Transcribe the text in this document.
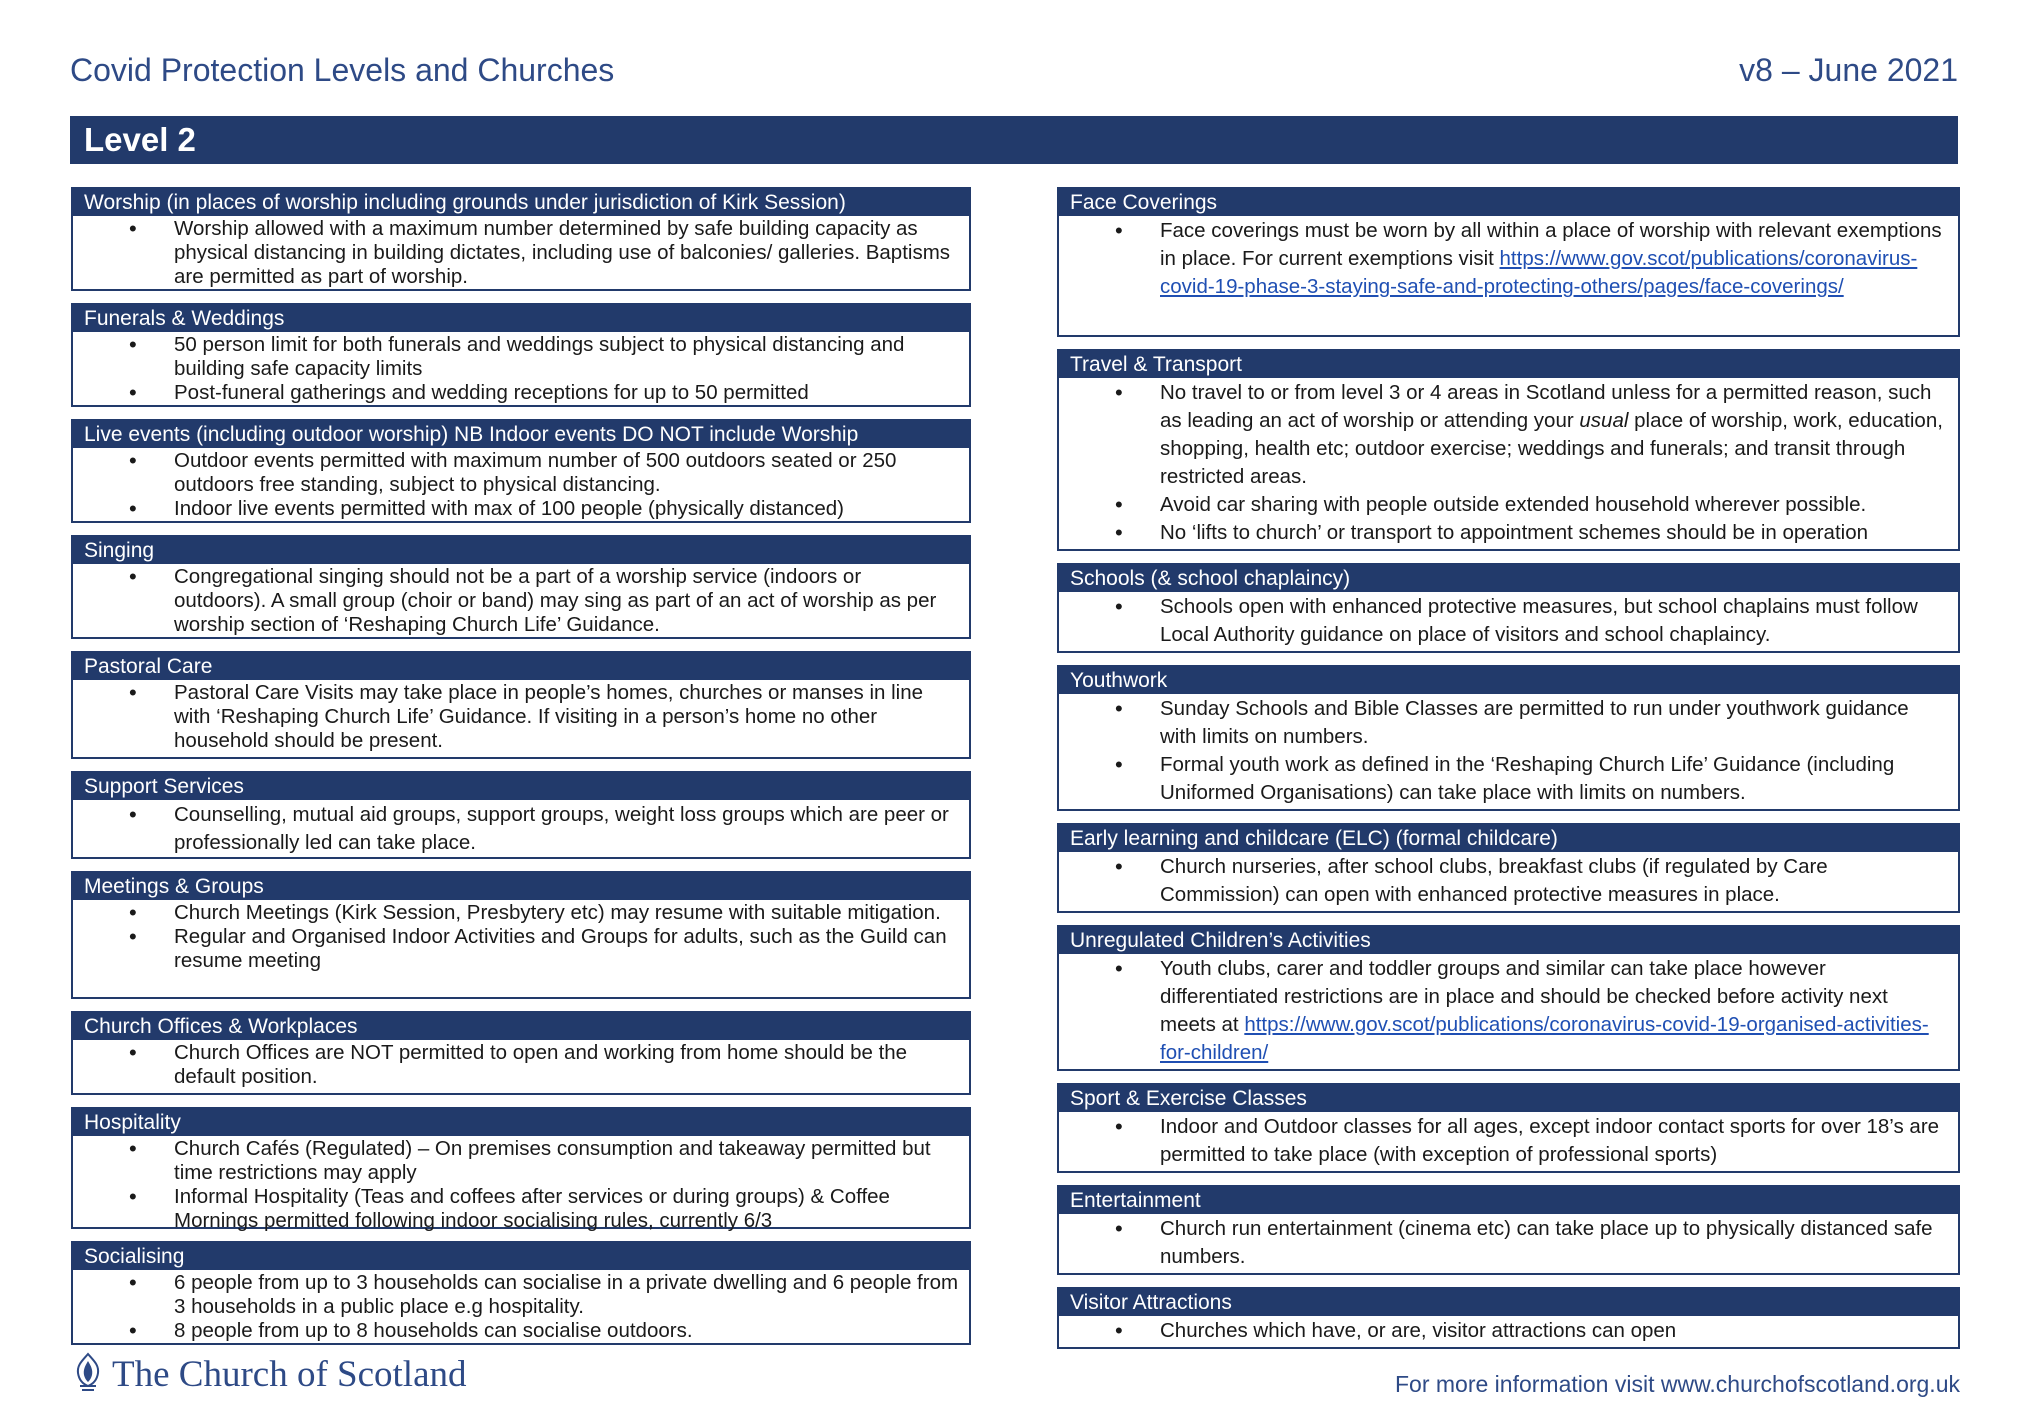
Covid Protection Levels and Churches	v8 – June 2021
Level 2
Worship (in places of worship including grounds under jurisdiction of Kirk Session)
• Worship allowed with a maximum number determined by safe building capacity as physical distancing in building dictates, including use of balconies/ galleries. Baptisms are permitted as part of worship.
Funerals & Weddings
• 50 person limit for both funerals and weddings subject to physical distancing and building safe capacity limits
• Post-funeral gatherings and wedding receptions for up to 50 permitted
Live events (including outdoor worship) NB Indoor events DO NOT include Worship
• Outdoor events permitted with maximum number of 500 outdoors seated or 250 outdoors free standing, subject to physical distancing.
• Indoor live events permitted with max of 100 people (physically distanced)
Singing
• Congregational singing should not be a part of a worship service (indoors or outdoors). A small group (choir or band) may sing as part of an act of worship as per worship section of ‘Reshaping Church Life’ Guidance.
Pastoral Care
• Pastoral Care Visits may take place in people’s homes, churches or manses in line with ‘Reshaping Church Life’ Guidance. If visiting in a person’s home no other household should be present.
Support Services
• Counselling, mutual aid groups, support groups, weight loss groups which are peer or professionally led can take place.
Meetings & Groups
• Church Meetings (Kirk Session, Presbytery etc) may resume with suitable mitigation.
• Regular and Organised Indoor Activities and Groups for adults, such as the Guild can resume meeting
Church Offices & Workplaces
• Church Offices are NOT permitted to open and working from home should be the default position.
Hospitality
• Church Cafés (Regulated) – On premises consumption and takeaway permitted but time restrictions may apply
• Informal Hospitality (Teas and coffees after services or during groups) & Coffee Mornings permitted following indoor socialising rules, currently 6/3
Socialising
• 6 people from up to 3 households can socialise in a private dwelling and 6 people from 3 households in a public place e.g hospitality.
• 8 people from up to 8 households can socialise outdoors.
Face Coverings
• Face coverings must be worn by all within a place of worship with relevant exemptions in place. For current exemptions visit https://www.gov.scot/publications/coronavirus-covid-19-phase-3-staying-safe-and-protecting-others/pages/face-coverings/
Travel & Transport
• No travel to or from level 3 or 4 areas in Scotland unless for a permitted reason, such as leading an act of worship or attending your usual place of worship, work, education, shopping, health etc; outdoor exercise; weddings and funerals; and transit through restricted areas.
• Avoid car sharing with people outside extended household wherever possible.
• No ‘lifts to church’ or transport to appointment schemes should be in operation
Schools (& school chaplaincy)
• Schools open with enhanced protective measures, but school chaplains must follow Local Authority guidance on place of visitors and school chaplaincy.
Youthwork
• Sunday Schools and Bible Classes are permitted to run under youthwork guidance with limits on numbers.
• Formal youth work as defined in the ‘Reshaping Church Life’ Guidance (including Uniformed Organisations) can take place with limits on numbers.
Early learning and childcare (ELC) (formal childcare)
• Church nurseries, after school clubs, breakfast clubs (if regulated by Care Commission) can open with enhanced protective measures in place.
Unregulated Children’s Activities
• Youth clubs, carer and toddler groups and similar can take place however differentiated restrictions are in place and should be checked before activity next meets at https://www.gov.scot/publications/coronavirus-covid-19-organised-activities-for-children/
Sport & Exercise Classes
• Indoor and Outdoor classes for all ages, except indoor contact sports for over 18’s are permitted to take place (with exception of professional sports)
Entertainment
• Church run entertainment (cinema etc) can take place up to physically distanced safe numbers.
Visitor Attractions
• Churches which have, or are, visitor attractions can open
The Church of Scotland	For more information visit www.churchofscotland.org.uk
